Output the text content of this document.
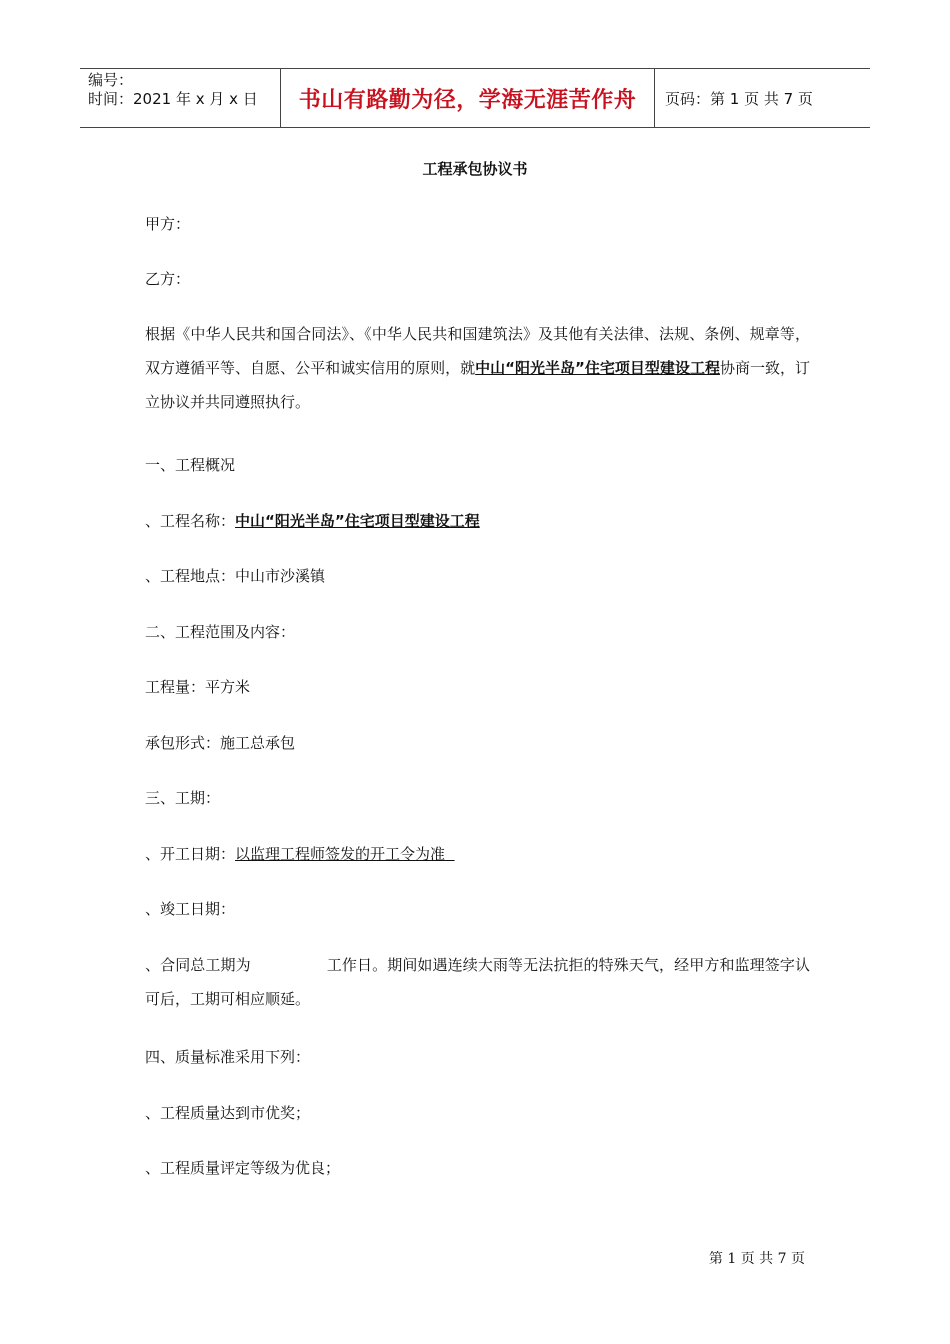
编号：
时间：2021 年 x 月 x 日	书山有路勤为径，学海无涯苦作舟	页码：第 1 页 共 7 页
工程承包协议书
甲方：
乙方：
根据《中华人民共和国合同法》、《中华人民共和国建筑法》及其他有关法律、法规、条例、规章等，双方遵循平等、自愿、公平和诚实信用的原则，就中山“阳光半岛”住宅项目型建设工程协商一致，订立协议并共同遵照执行。
一、工程概况
、工程名称：中山“阳光半岛”住宅项目型建设工程
、工程地点：中山市沙溪镇
二、工程范围及内容：
工程量：平方米
承包形式：施工总承包
三、工期：
、开工日期：以监理工程师签发的开工令为准
、竣工日期：
、合同总工期为	工作日。期间如遇连续大雨等无法抗拒的特殊天气，经甲方和监理签字认可后，工期可相应顺延。
四、质量标准采用下列：
、工程质量达到市优奖；
、工程质量评定等级为优良；
第 1 页 共 7 页
